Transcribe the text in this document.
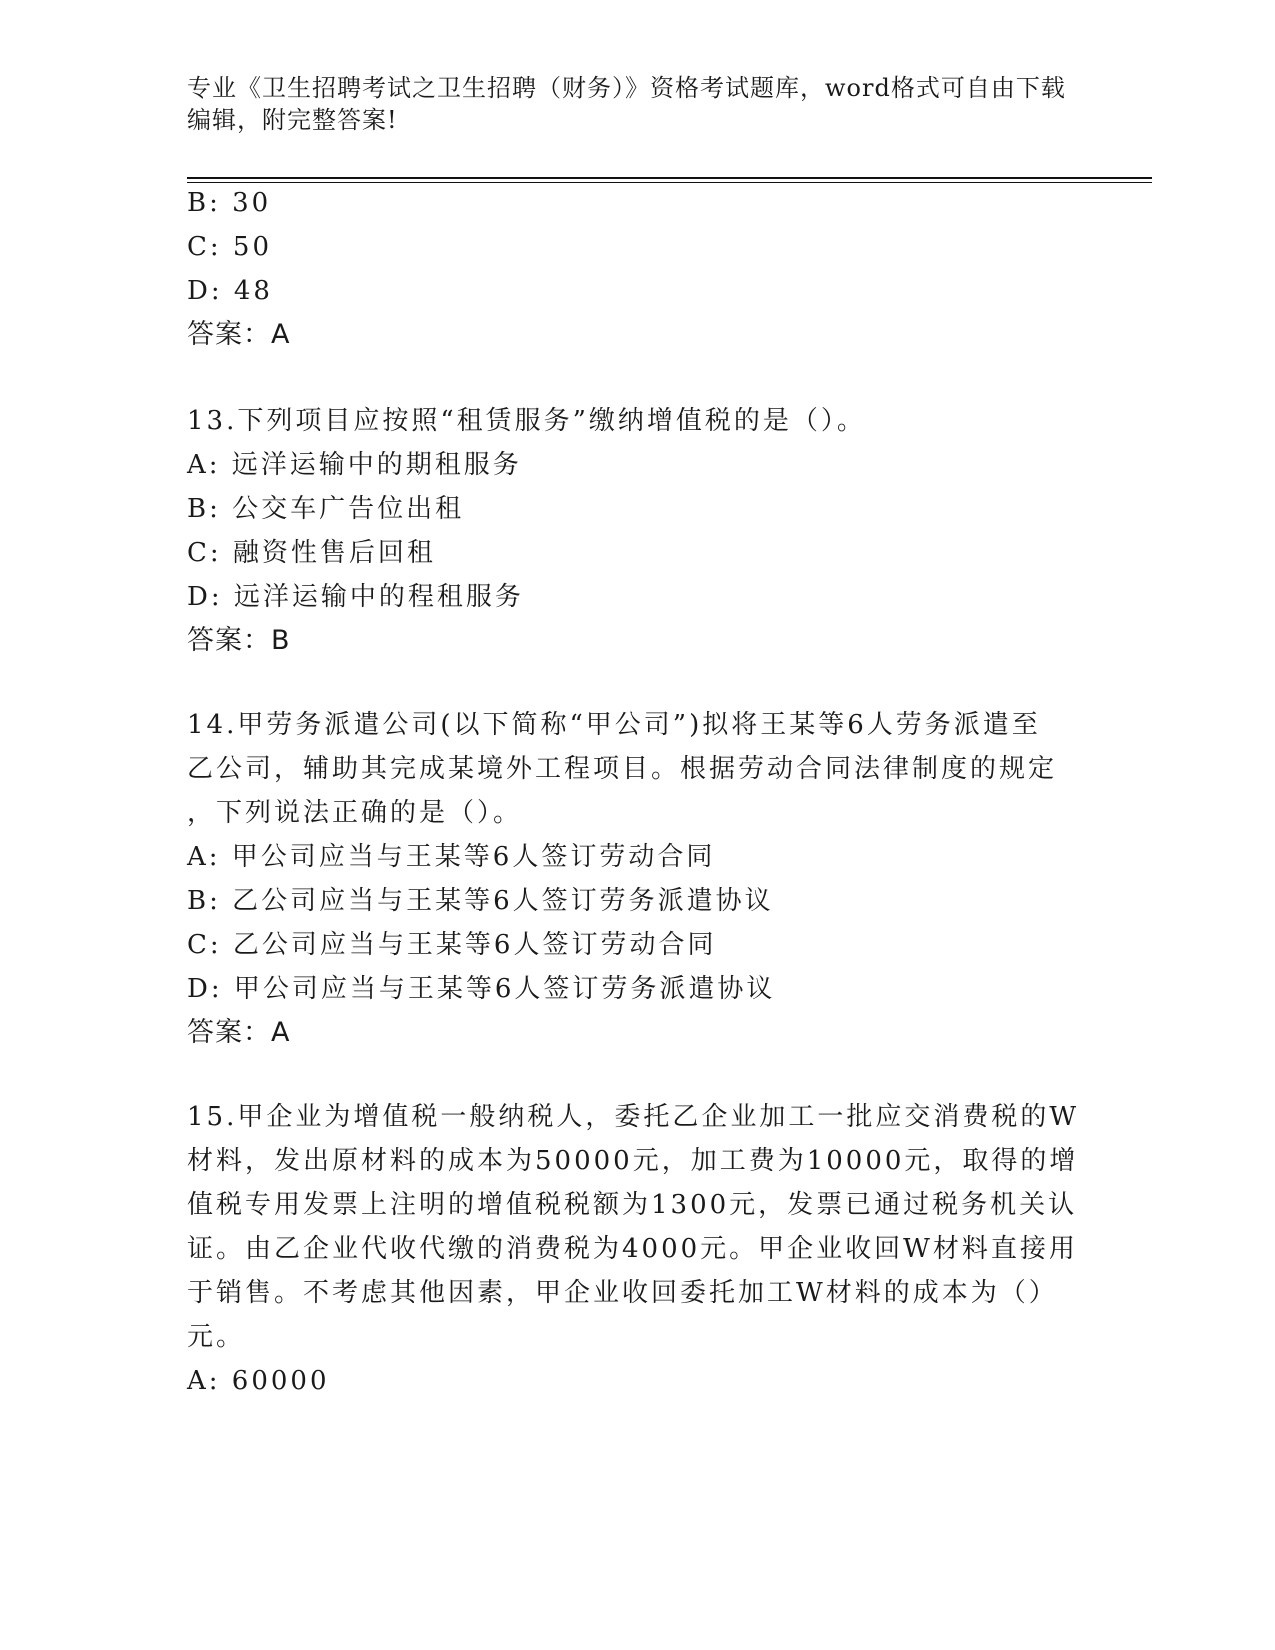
专业《卫生招聘考试之卫生招聘（财务）》资格考试题库，word格式可自由下载
编辑，附完整答案!
B: 30
C: 50
D: 48
答案：A
13.下列项目应按照“租赁服务”缴纳增值税的是（）。
A: 远洋运输中的期租服务
B: 公交车广告位出租
C: 融资性售后回租
D: 远洋运输中的程租服务
答案：B
14.甲劳务派遣公司(以下简称“甲公司”)拟将王某等6人劳务派遣至
乙公司，辅助其完成某境外工程项目。根据劳动合同法律制度的规定
，下列说法正确的是（）。
A: 甲公司应当与王某等6人签订劳动合同
B: 乙公司应当与王某等6人签订劳务派遣协议
C: 乙公司应当与王某等6人签订劳动合同
D: 甲公司应当与王某等6人签订劳务派遣协议
答案：A
15.甲企业为增值税一般纳税人，委托乙企业加工一批应交消费税的W
材料，发出原材料的成本为50000元，加工费为10000元，取得的增
值税专用发票上注明的增值税税额为1300元，发票已通过税务机关认
证。由乙企业代收代缴的消费税为4000元。甲企业收回W材料直接用
于销售。不考虑其他因素，甲企业收回委托加工W材料的成本为（）
元。
A: 60000
